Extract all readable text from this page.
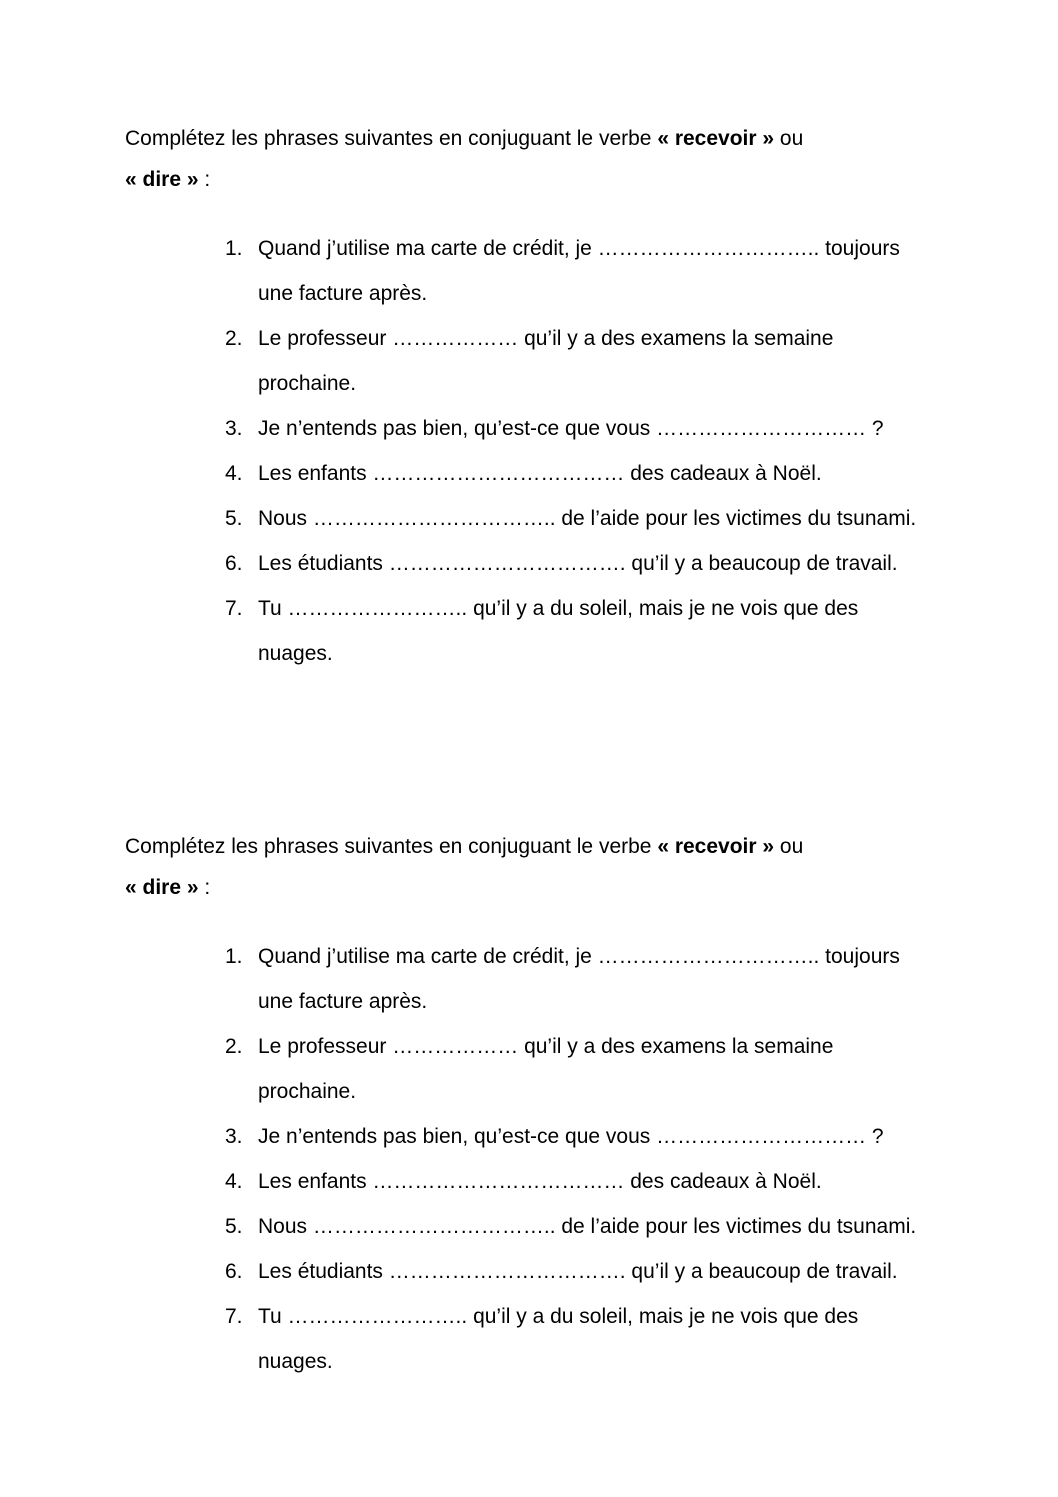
Complétez les phrases suivantes en conjuguant le verbe « recevoir » ou
« dire » :
1. Quand j’utilise ma carte de crédit, je ………………………….. toujours
une facture après.
2. Le professeur ……………… qu’il y a des examens la semaine
prochaine.
3. Je n’entends pas bien, qu’est-ce que vous ………………………… ?
4. Les enfants ……………………………… des cadeaux à Noël.
5. Nous …………………………….. de l’aide pour les victimes du tsunami.
6. Les étudiants ……………………………. qu’il y a beaucoup de travail.
7. Tu …………………….. qu’il y a du soleil, mais je ne vois que des
nuages.
Complétez les phrases suivantes en conjuguant le verbe « recevoir » ou
« dire » :
1. Quand j’utilise ma carte de crédit, je ………………………….. toujours
une facture après.
2. Le professeur ……………… qu’il y a des examens la semaine
prochaine.
3. Je n’entends pas bien, qu’est-ce que vous ………………………… ?
4. Les enfants ……………………………… des cadeaux à Noël.
5. Nous …………………………….. de l’aide pour les victimes du tsunami.
6. Les étudiants ……………………………. qu’il y a beaucoup de travail.
7. Tu …………………….. qu’il y a du soleil, mais je ne vois que des
nuages.
